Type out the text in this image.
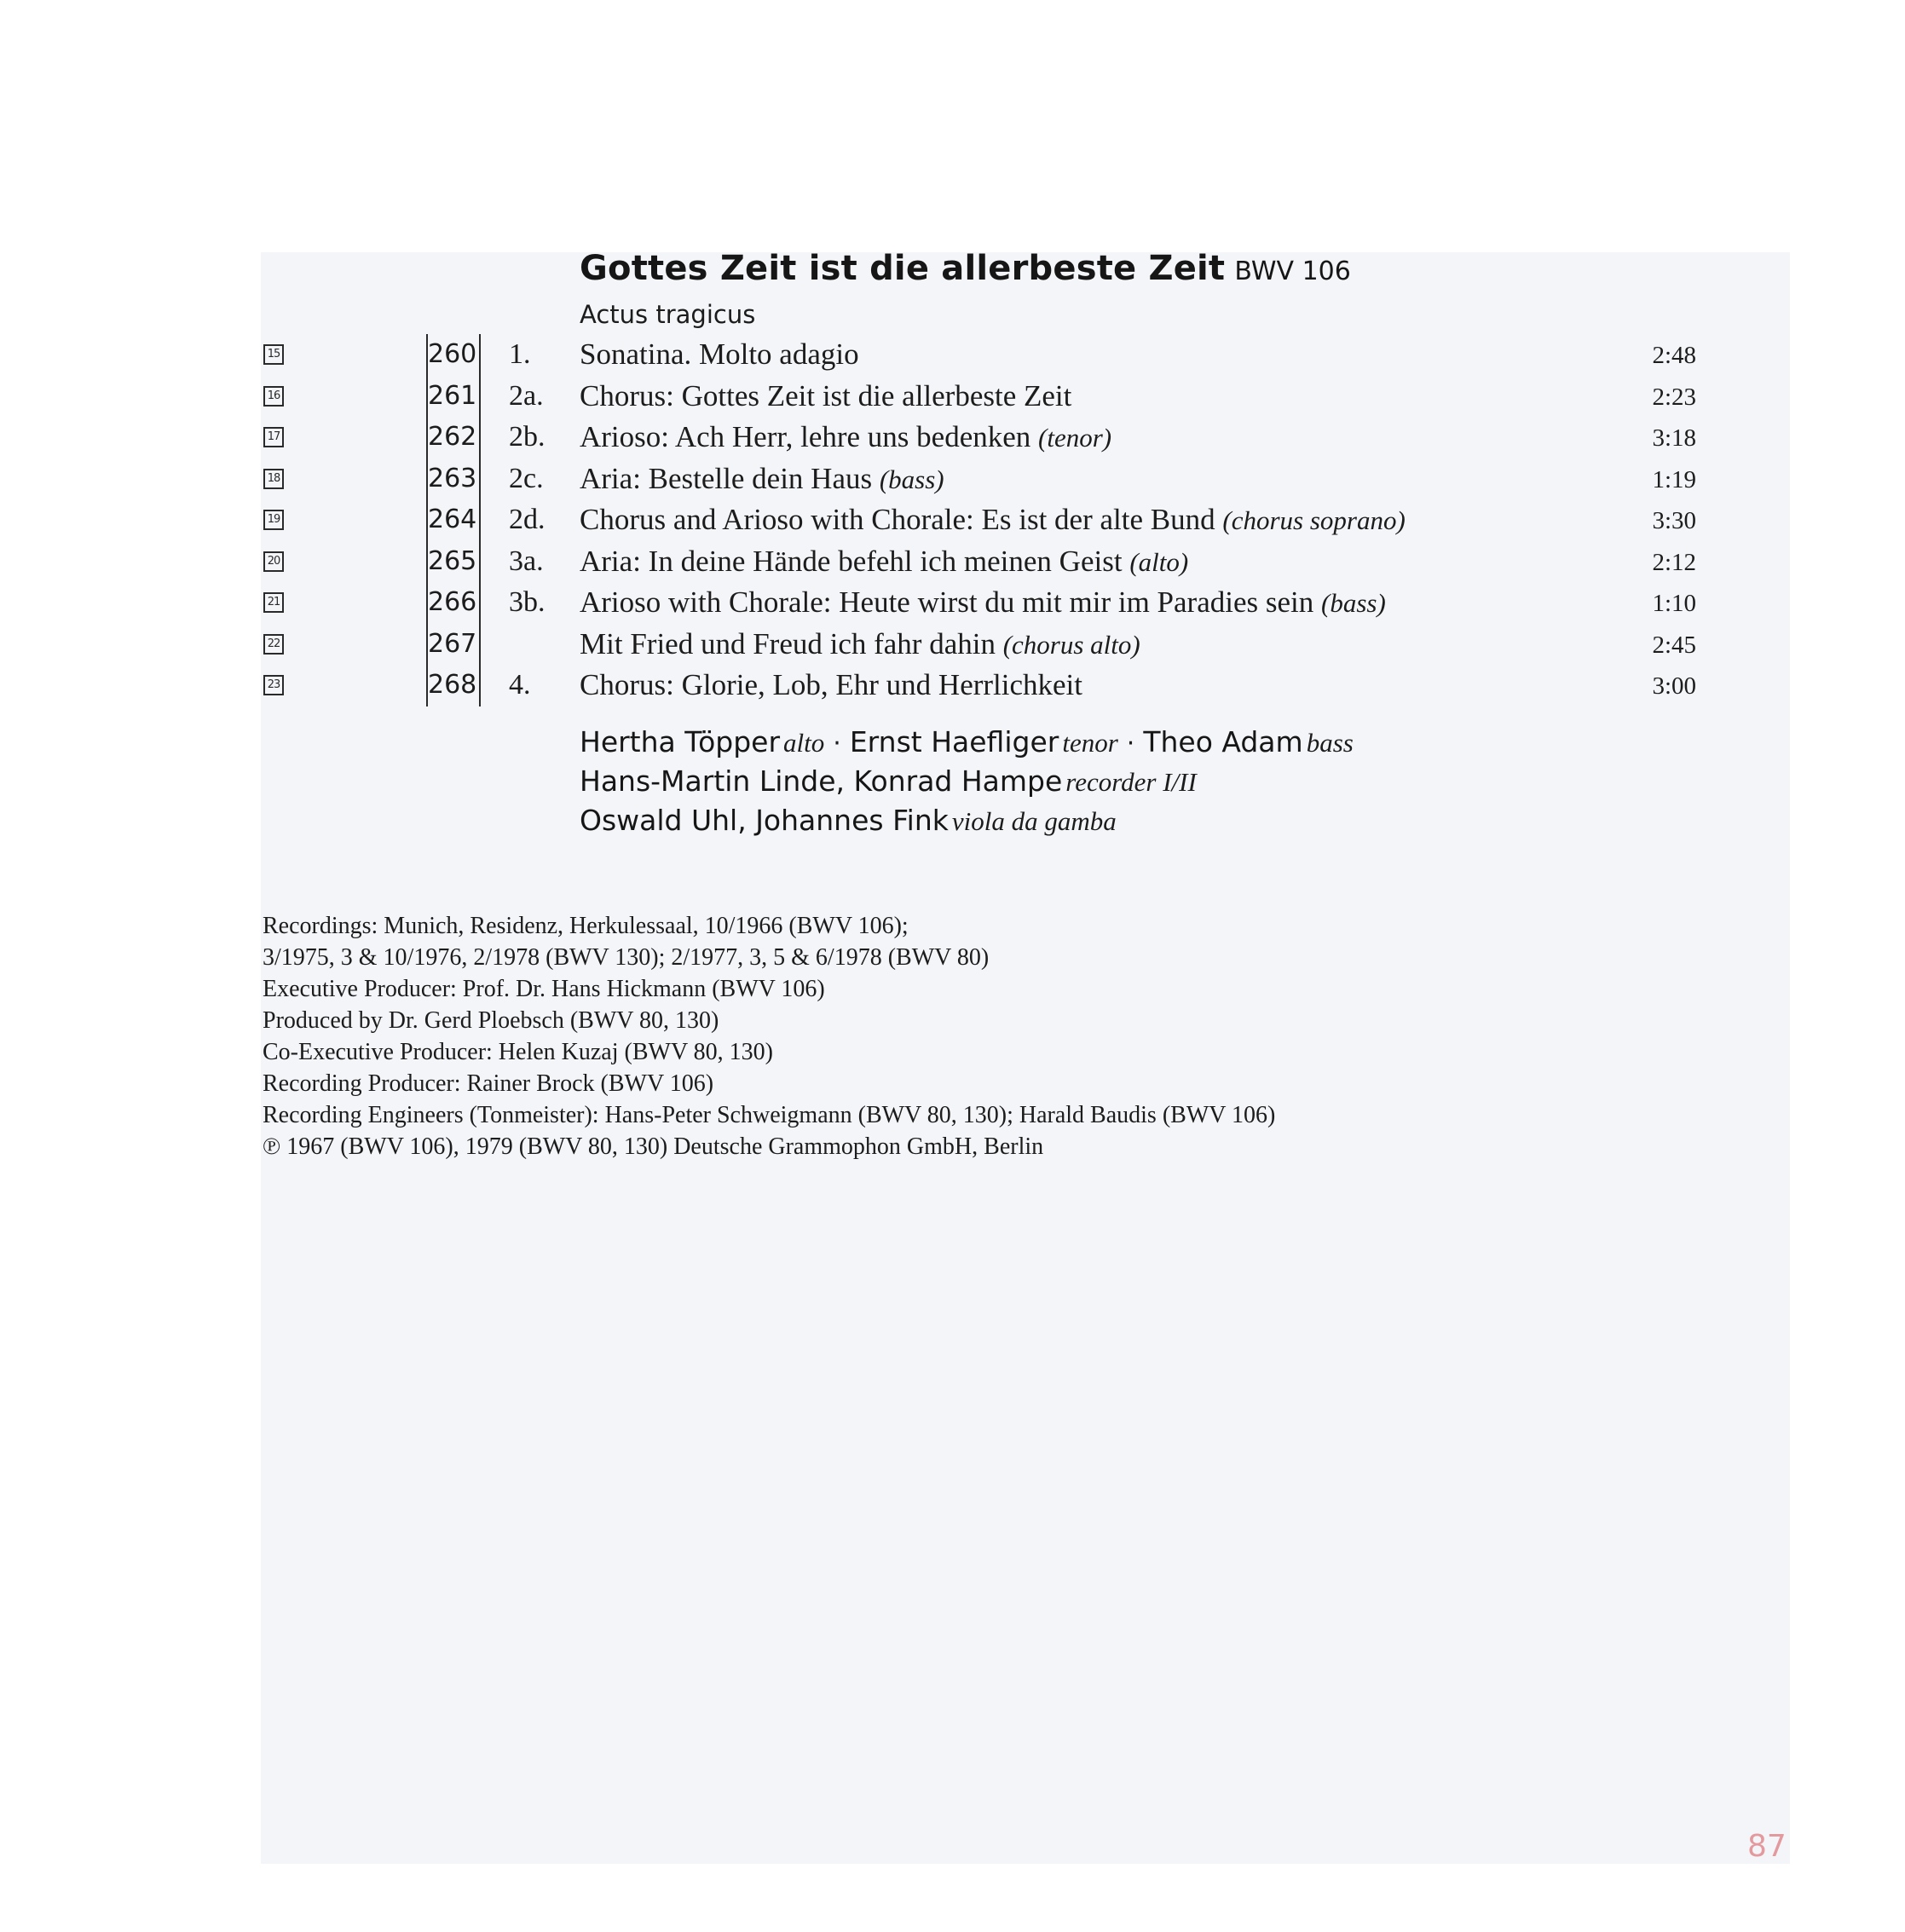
Gottes Zeit ist die allerbeste Zeit BWV 106
Actus tragicus
15	260 1. Sonatina. Molto adagio	2:48
16	261 2a. Chorus: Gottes Zeit ist die allerbeste Zeit	2:23
17	262 2b. Arioso: Ach Herr, lehre uns bedenken (tenor)	3:18
18	263 2c. Aria: Bestelle dein Haus (bass)	1:19
19	264 2d. Chorus and Arioso with Chorale: Es ist der alte Bund (chorus soprano)	3:30
20	265 3a. Aria: In deine Hände befehl ich meinen Geist (alto)	2:12
21	266 3b. Arioso with Chorale: Heute wirst du mit mir im Paradies sein (bass)	1:10
22	267	Mit Fried und Freud ich fahr dahin (chorus alto)	2:45
23	268 4. Chorus: Glorie, Lob, Ehr und Herrlichkeit	3:00
Hertha Töpper alto · Ernst Haefliger tenor · Theo Adam bass
Hans-Martin Linde, Konrad Hampe recorder I/II
Oswald Uhl, Johannes Fink viola da gamba
Recordings: Munich, Residenz, Herkulessaal, 10/1966 (BWV 106);
3/1975, 3 & 10/1976, 2/1978 (BWV 130); 2/1977, 3, 5 & 6/1978 (BWV 80)
Executive Producer: Prof. Dr. Hans Hickmann (BWV 106)
Produced by Dr. Gerd Ploebsch (BWV 80, 130)
Co-Executive Producer: Helen Kuzaj (BWV 80, 130)
Recording Producer: Rainer Brock (BWV 106)
Recording Engineers (Tonmeister): Hans-Peter Schweigmann (BWV 80, 130); Harald Baudis (BWV 106)
℗ 1967 (BWV 106), 1979 (BWV 80, 130) Deutsche Grammophon GmbH, Berlin
87
